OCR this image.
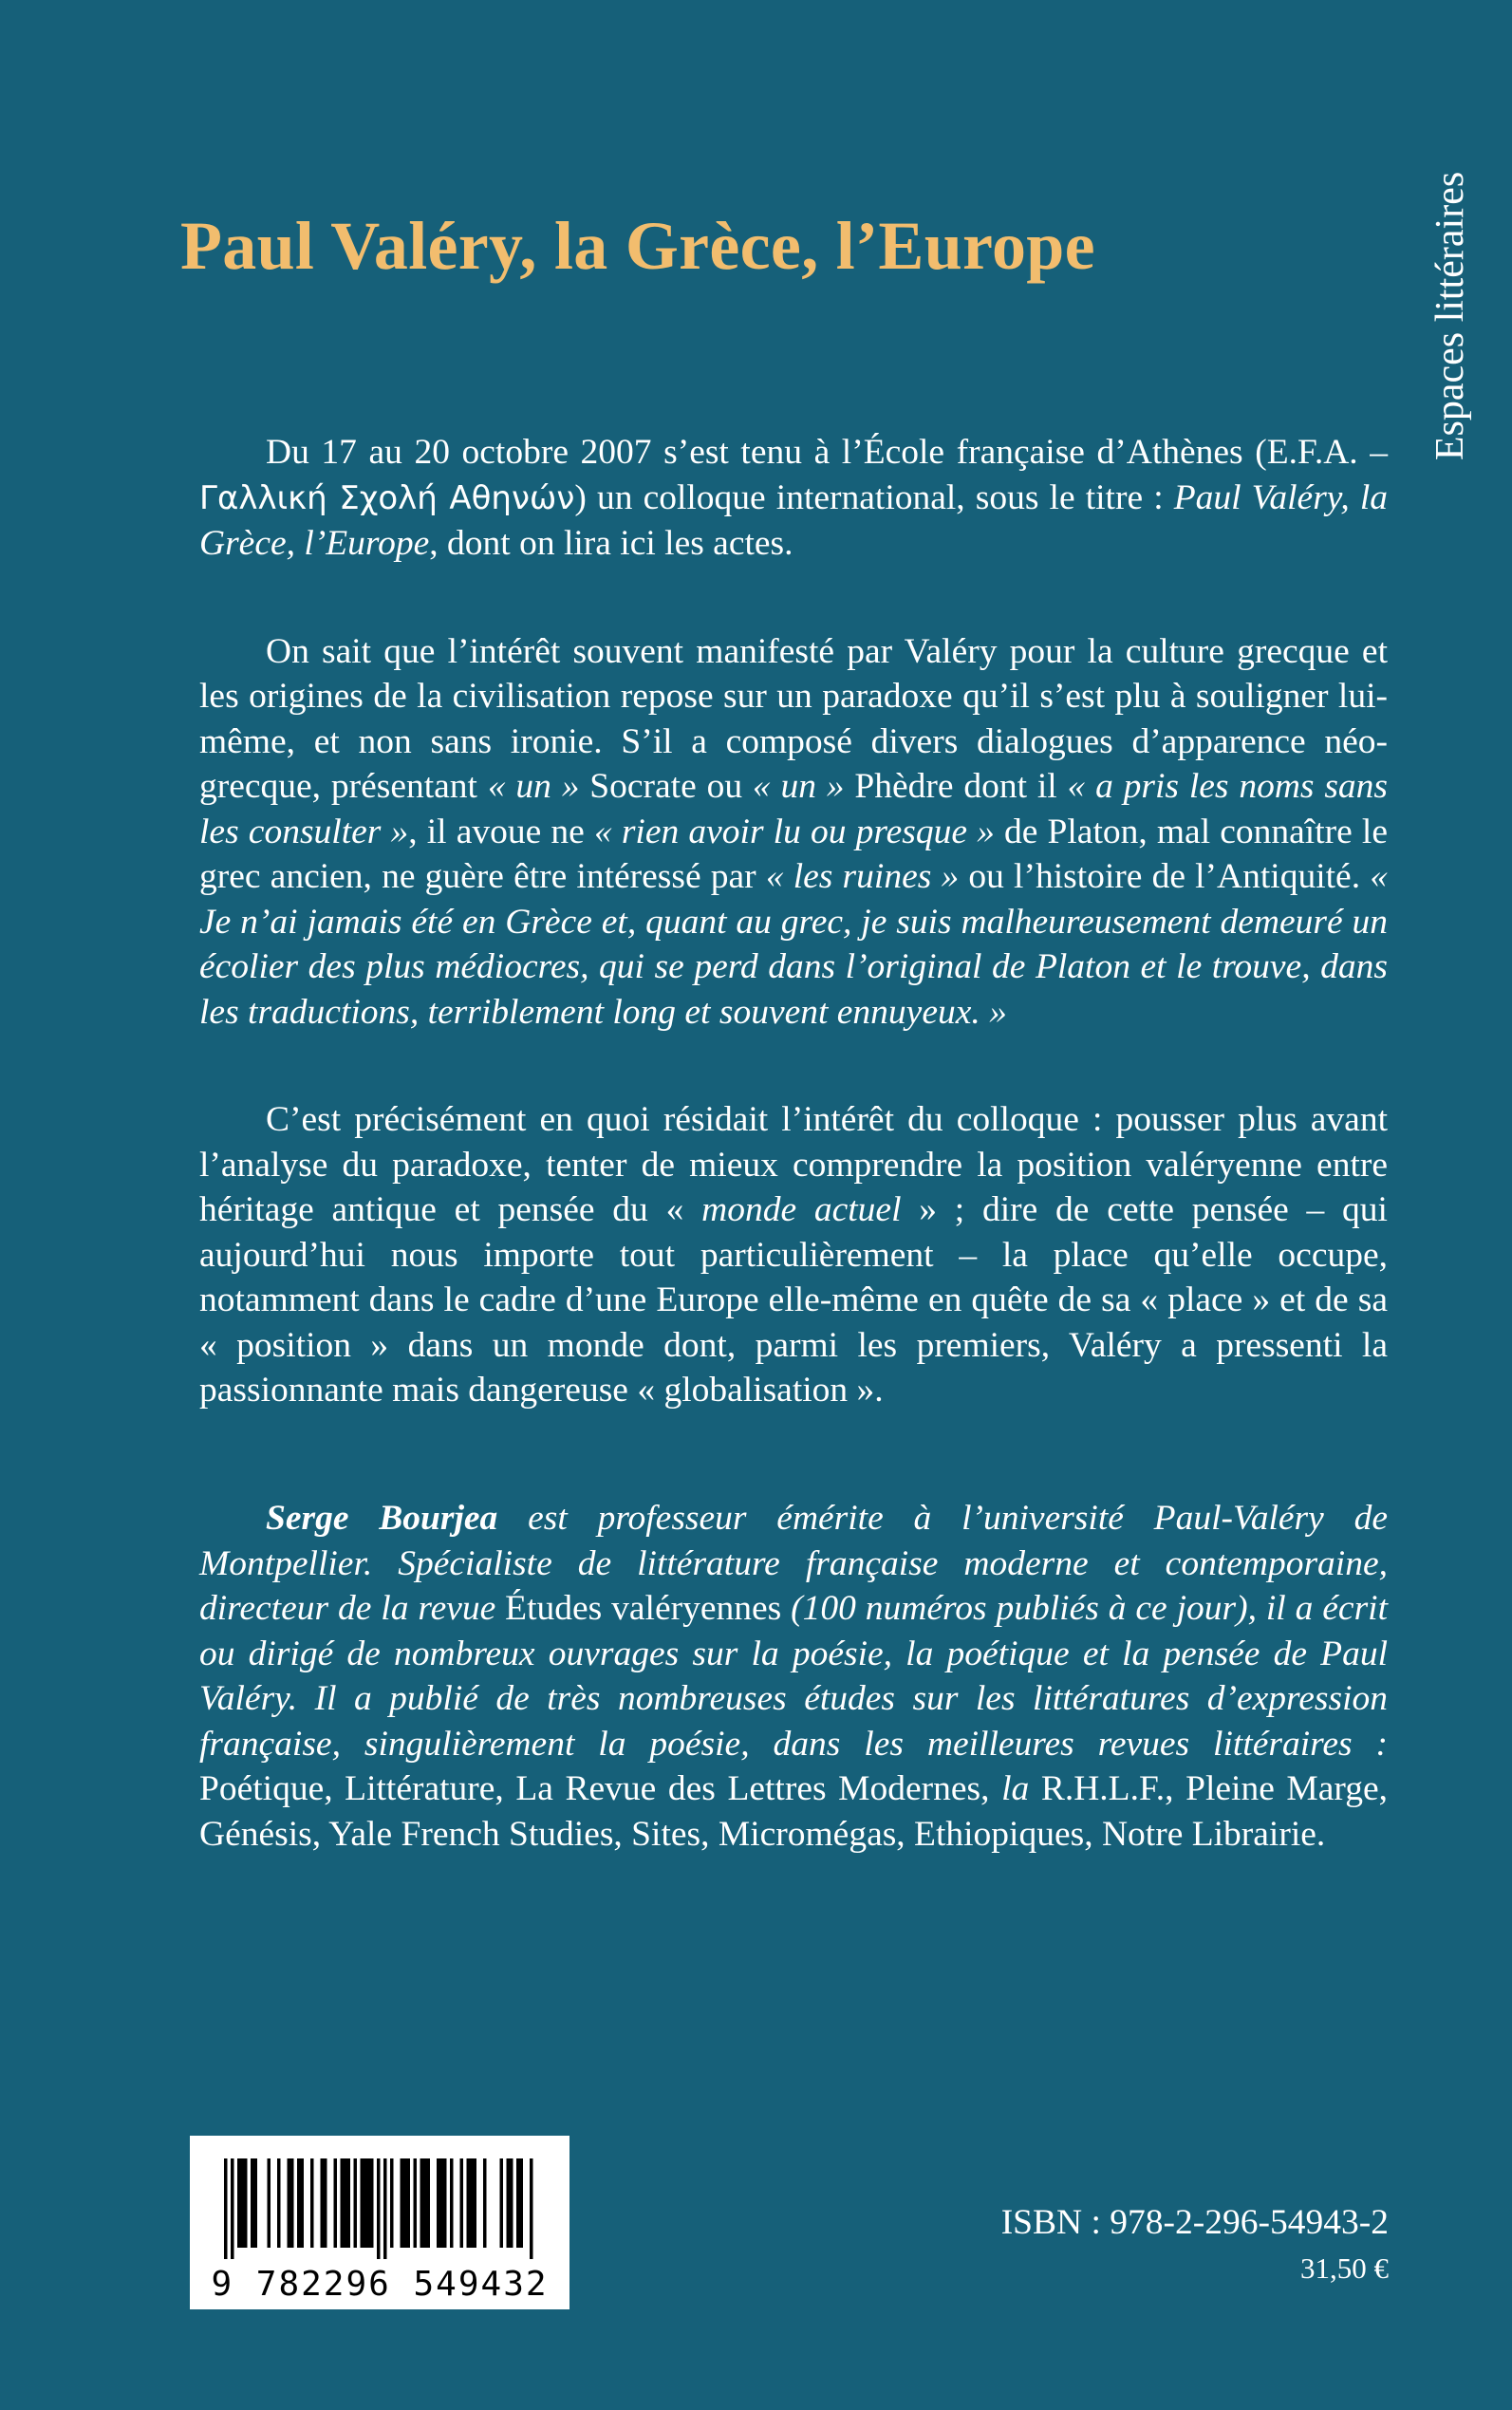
Paul Valéry, la Grèce, l’Europe	Espaces littéraires

Du 17 au 20 octobre 2007 s’est tenu à l’École française d’Athènes (E.F.A. – Γαλλική Σχολή Αθηνών) un colloque international, sous le titre : Paul Valéry, la Grèce, l’Europe, dont on lira ici les actes.

On sait que l’intérêt souvent manifesté par Valéry pour la culture grecque et les origines de la civilisation repose sur un paradoxe qu’il s’est plu à souligner lui-même, et non sans ironie. S’il a composé divers dialogues d’apparence néo-grecque, présentant « un » Socrate ou « un » Phèdre dont il « a pris les noms sans les consulter », il avoue ne « rien avoir lu ou presque » de Platon, mal connaître le grec ancien, ne guère être intéressé par « les ruines » ou l’histoire de l’Antiquité. « Je n’ai jamais été en Grèce et, quant au grec, je suis malheureusement demeuré un écolier des plus médiocres, qui se perd dans l’original de Platon et le trouve, dans les traductions, terriblement long et souvent ennuyeux. »

C’est précisément en quoi résidait l’intérêt du colloque : pousser plus avant l’analyse du paradoxe, tenter de mieux comprendre la position valéryenne entre héritage antique et pensée du « monde actuel » ; dire de cette pensée – qui aujourd’hui nous importe tout particulièrement – la place qu’elle occupe, notamment dans le cadre d’une Europe elle-même en quête de sa « place » et de sa « position » dans un monde dont, parmi les premiers, Valéry a pressenti la passionnante mais dangereuse « globalisation ».

Serge Bourjea est professeur émérite à l’université Paul-Valéry de Montpellier. Spécialiste de littérature française moderne et contemporaine, directeur de la revue Études valéryennes (100 numéros publiés à ce jour), il a écrit ou dirigé de nombreux ouvrages sur la poésie, la poétique et la pensée de Paul Valéry. Il a publié de très nombreuses études sur les littératures d’expression française, singulièrement la poésie, dans les meilleures revues littéraires : Poétique, Littérature, La Revue des Lettres Modernes, la R.H.L.F., Pleine Marge, Génésis, Yale French Studies, Sites, Micromégas, Ethiopiques, Notre Librairie.

9 782296 549432
ISBN : 978-2-296-54943-2
31,50 €
